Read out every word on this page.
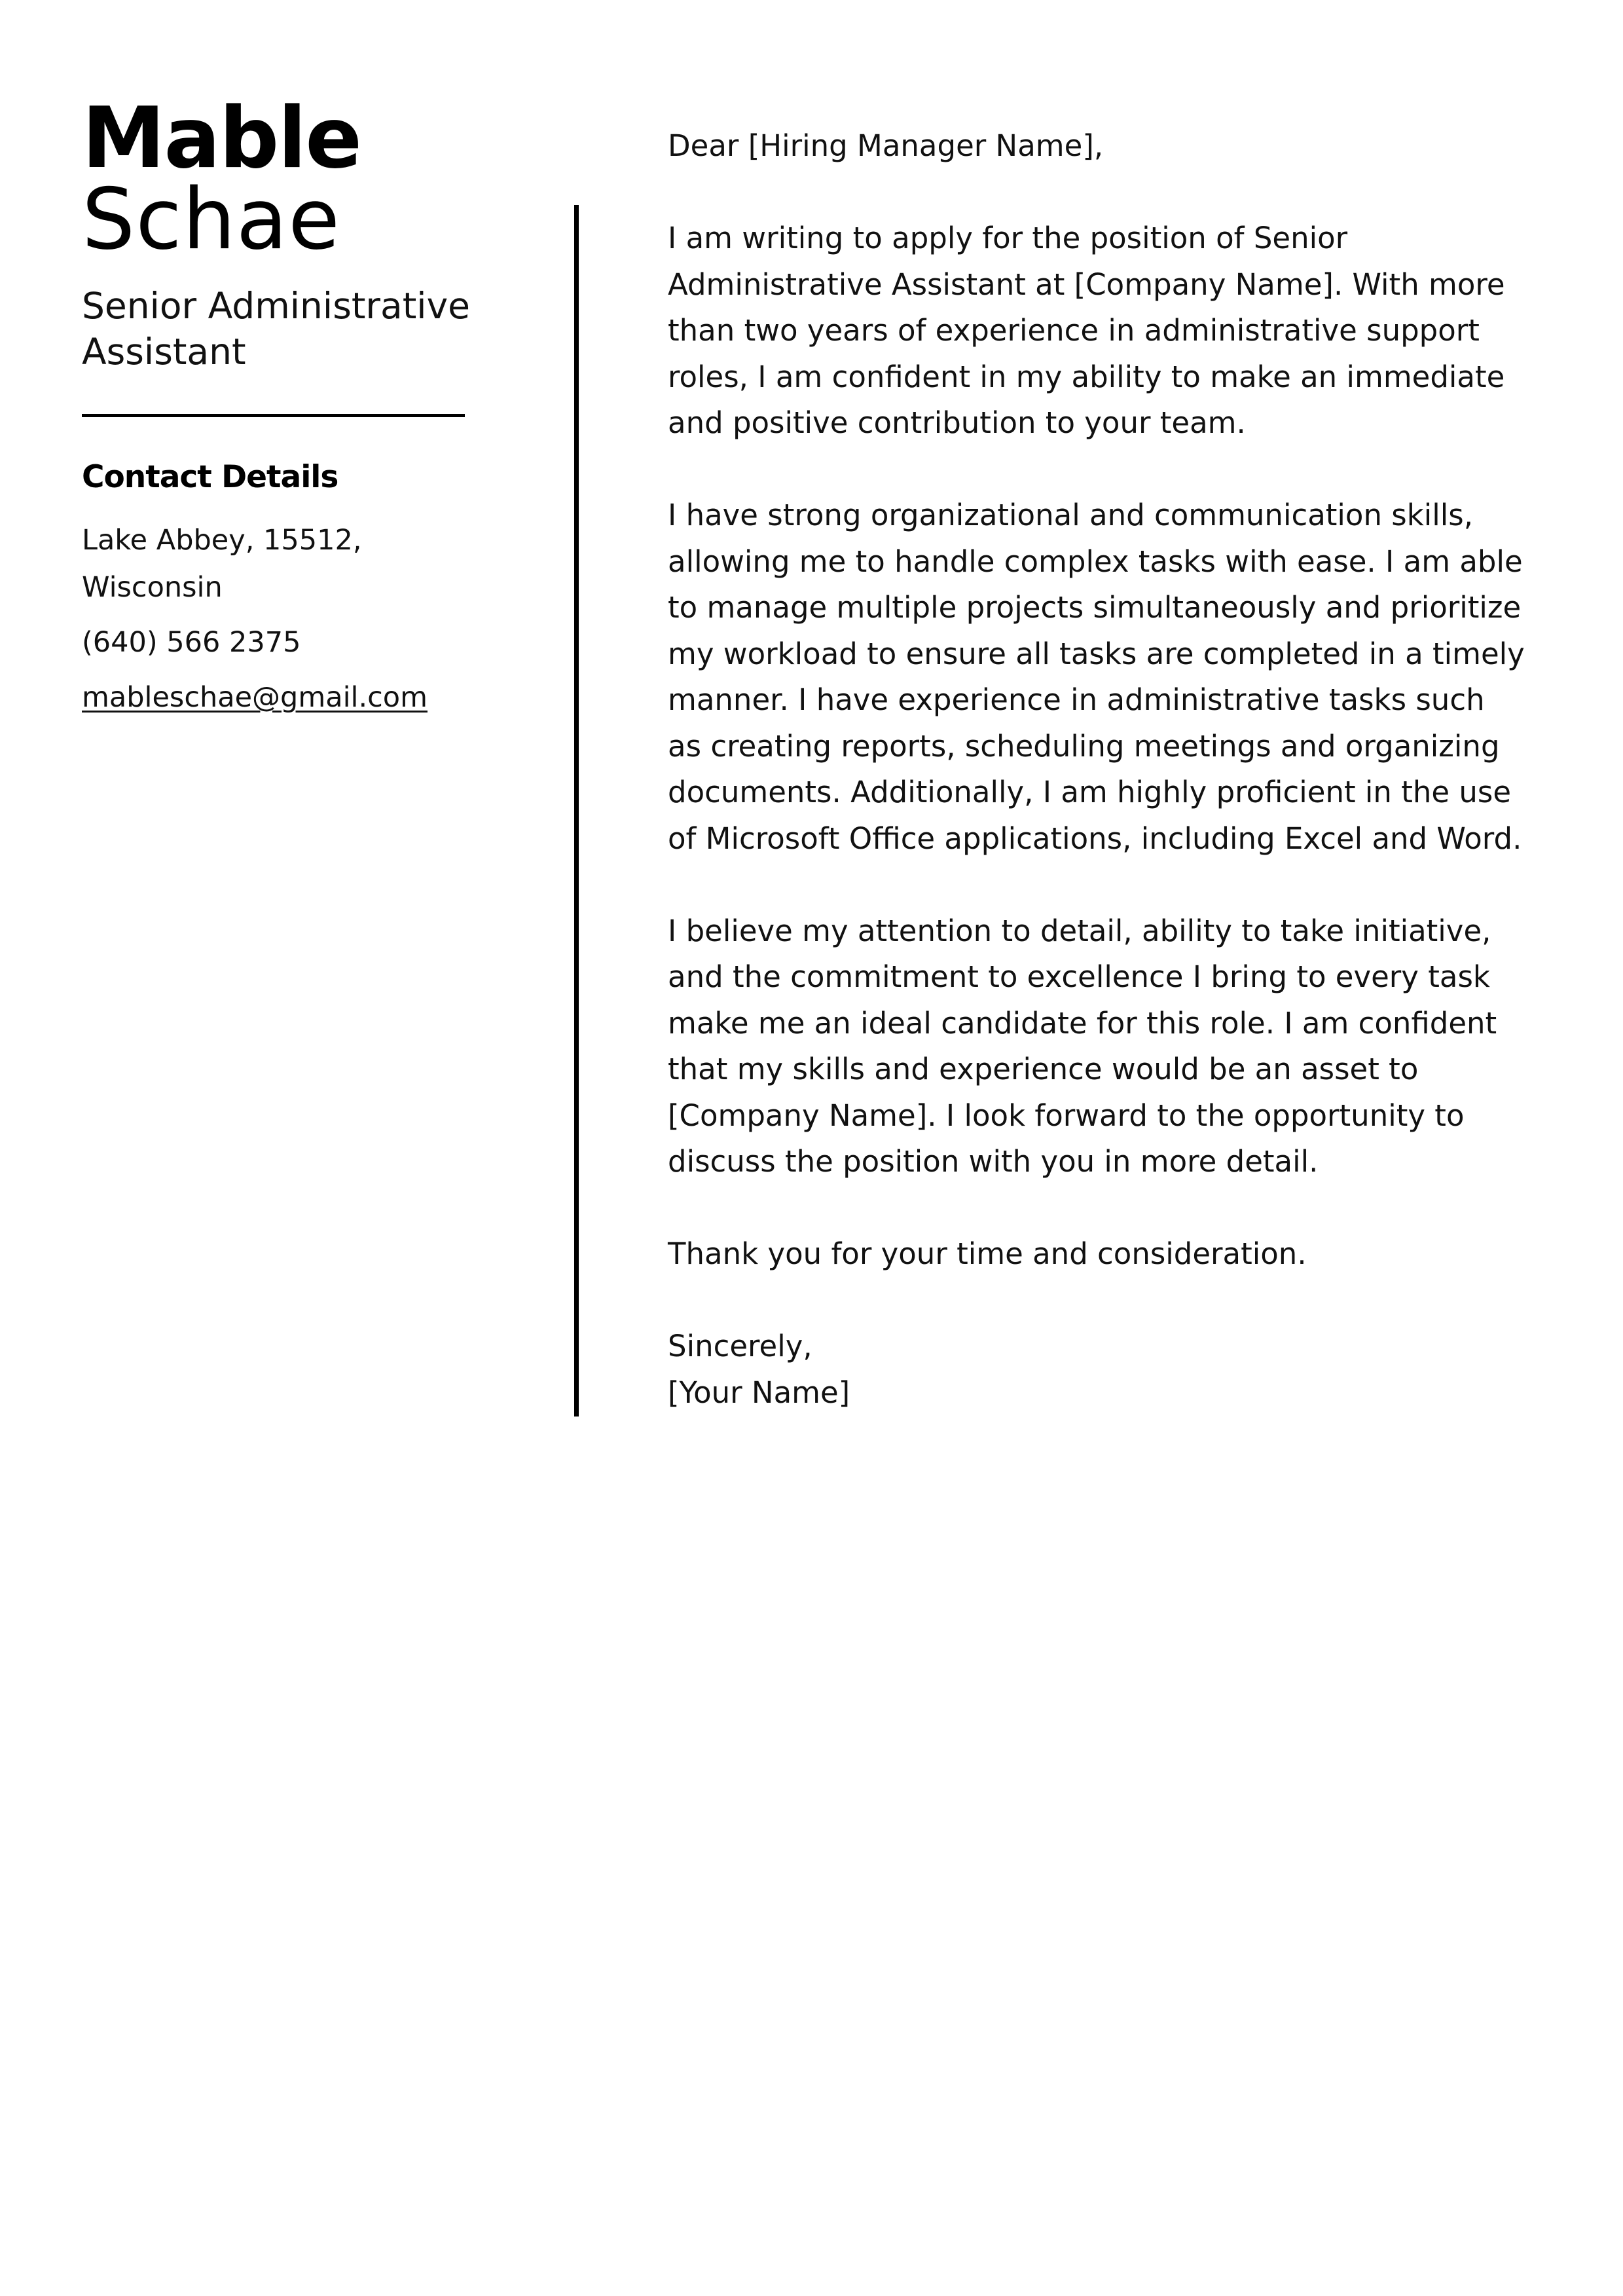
Mable
Schae
Senior Administrative Assistant
Contact Details
Lake Abbey, 15512, Wisconsin
(640) 566 2375
mableschae@gmail.com

Dear [Hiring Manager Name],

I am writing to apply for the position of Senior Administrative Assistant at [Company Name]. With more than two years of experience in administrative support roles, I am confident in my ability to make an immediate and positive contribution to your team.

I have strong organizational and communication skills, allowing me to handle complex tasks with ease. I am able to manage multiple projects simultaneously and prioritize my workload to ensure all tasks are completed in a timely manner. I have experience in administrative tasks such as creating reports, scheduling meetings and organizing documents. Additionally, I am highly proficient in the use of Microsoft Office applications, including Excel and Word.

I believe my attention to detail, ability to take initiative, and the commitment to excellence I bring to every task make me an ideal candidate for this role. I am confident that my skills and experience would be an asset to [Company Name]. I look forward to the opportunity to discuss the position with you in more detail.

Thank you for your time and consideration.

Sincerely,

[Your Name]
